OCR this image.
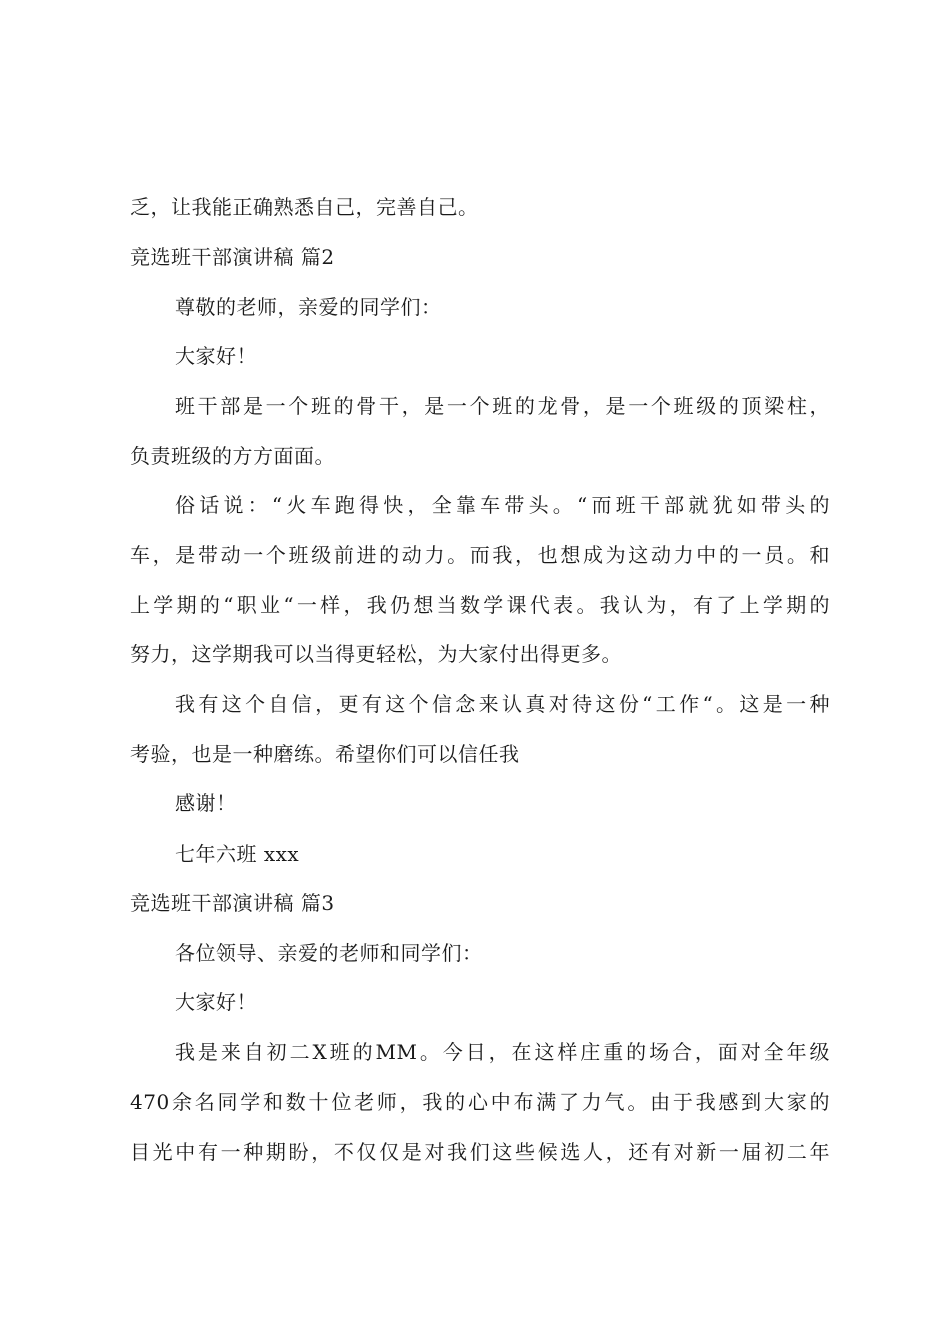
乏，让我能正确熟悉自己，完善自己。
竞选班干部演讲稿 篇2
尊敬的老师，亲爱的同学们：
大家好！
班干部是一个班的骨干，是一个班的龙骨，是一个班级的顶梁柱，
负责班级的方方面面。
俗话说：“火车跑得快，全靠车带头。“而班干部就犹如带头的
车，是带动一个班级前进的动力。而我，也想成为这动力中的一员。和
上学期的“职业“一样，我仍想当数学课代表。我认为，有了上学期的
努力，这学期我可以当得更轻松，为大家付出得更多。
我有这个自信，更有这个信念来认真对待这份“工作“。这是一种
考验，也是一种磨练。希望你们可以信任我
感谢！
七年六班 xxx
竞选班干部演讲稿 篇3
各位领导、亲爱的老师和同学们：
大家好！
我是来自初二X班的MM。今日，在这样庄重的场合，面对全年级
470余名同学和数十位老师，我的心中布满了力气。由于我感到大家的
目光中有一种期盼，不仅仅是对我们这些候选人，还有对新一届初二年
